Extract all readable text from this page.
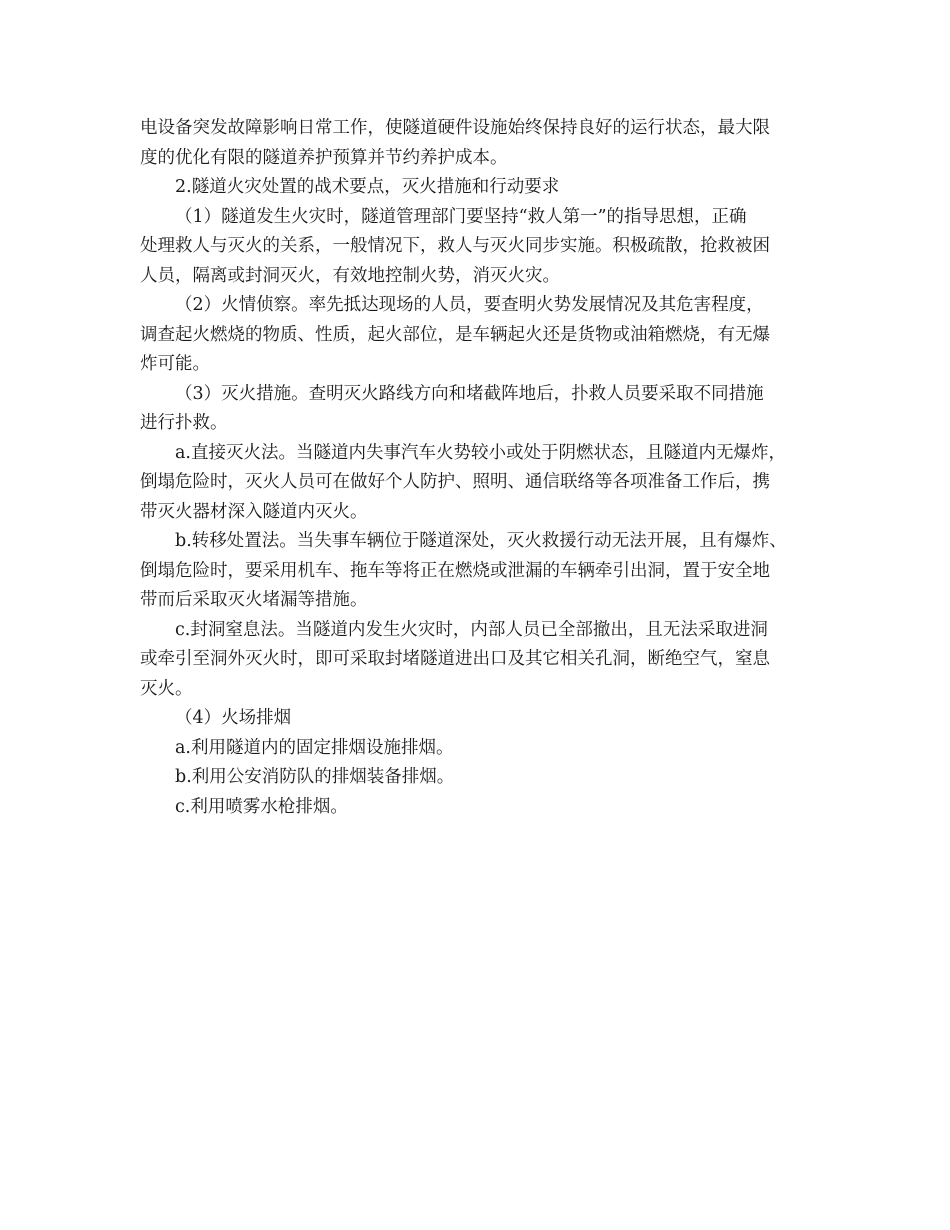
电设备突发故障影响日常工作，使隧道硬件设施始终保持良好的运行状态，最大限
度的优化有限的隧道养护预算并节约养护成本。

2.隧道火灾处置的战术要点，灭火措施和行动要求

（1）隧道发生火灾时，隧道管理部门要坚持“救人第一”的指导思想，正确
处理救人与灭火的关系，一般情况下，救人与灭火同步实施。积极疏散，抢救被困
人员，隔离或封洞灭火，有效地控制火势，消灭火灾。

（2）火情侦察。率先抵达现场的人员，要查明火势发展情况及其危害程度，
调查起火燃烧的物质、性质，起火部位，是车辆起火还是货物或油箱燃烧，有无爆
炸可能。

（3）灭火措施。查明灭火路线方向和堵截阵地后，扑救人员要采取不同措施
进行扑救。

a.直接灭火法。当隧道内失事汽车火势较小或处于阴燃状态，且隧道内无爆炸，
倒塌危险时，灭火人员可在做好个人防护、照明、通信联络等各项准备工作后，携
带灭火器材深入隧道内灭火。

b.转移处置法。当失事车辆位于隧道深处，灭火救援行动无法开展，且有爆炸、
倒塌危险时，要采用机车、拖车等将正在燃烧或泄漏的车辆牵引出洞，置于安全地
带而后采取灭火堵漏等措施。

c.封洞窒息法。当隧道内发生火灾时，内部人员已全部撤出，且无法采取进洞
或牵引至洞外灭火时，即可采取封堵隧道进出口及其它相关孔洞，断绝空气，窒息
灭火。

（4）火场排烟

a.利用隧道内的固定排烟设施排烟。

b.利用公安消防队的排烟装备排烟。

c.利用喷雾水枪排烟。
